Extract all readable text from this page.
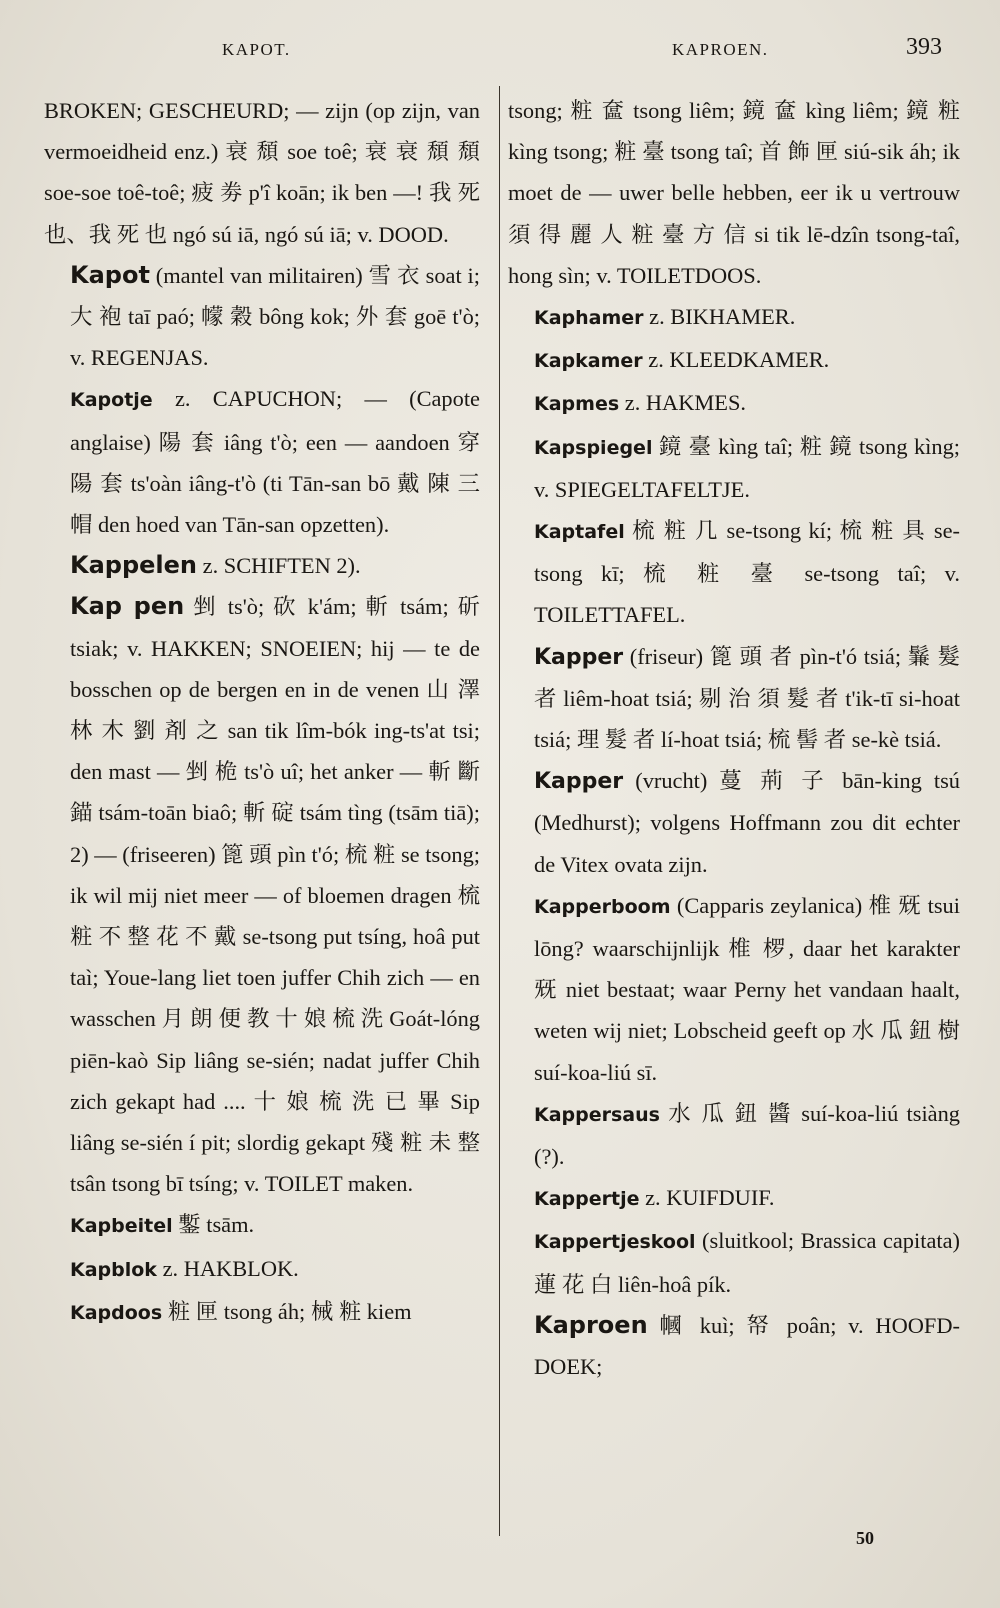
KAPOT.	KAPROEN.	393
BROKEN; GESCHEURD; — zijn (op zijn, van vermoeidheid enz.) 衰 頹 soe toê; 衰 衰 頹 頹 soe-soe toê-toê; 疲 劵 p'î koān; ik ben —! 我 死 也、我 死 也 ngó sú iā, ngó sú iā; v. DOOD.
Kapot (mantel van militairen) 雪 衣 soat i; 大 袍 taī paó; 幪 穀 bông kok; 外 套 goē t'ò; v. REGENJAS.
Kapotje z. CAPUCHON; — (Capote anglaise) 陽 套 iâng t'ò; een — aandoen 穿 陽 套 ts'oàn iâng-t'ò (ti Tān-san bō 戴 陳 三 帽 den hoed van Tān-san opzetten).
Kappelen z. SCHIFTEN 2).
Kap pen 剉 ts'ò; 砍 k'ám; 斬 tsám; 斫 tsiak; v. HAKKEN; SNOEIEN; hij — te de bosschen op de bergen en in de venen 山 澤 林 木 劉 剤 之 san tik lîm-bók ing-ts'at tsi; den mast — 剉 桅 ts'ò uî; het anker — 斬 斷 錨 tsám-toān biaô; 斬 碇 tsám tìng (tsām tiā); 2) — (friseeren) 篦 頭 pìn t'ó; 梳 粧 se tsong; ik wil mij niet meer — of bloemen dragen 梳 粧 不 整 花 不 戴 se-tsong put tsíng, hoâ put taì; Youe-lang liet toen juffer Chih zich — en wasschen 月 朗 便 教 十 娘 梳 洗 Goát-lóng piēn-kaò Sip liâng se-sién; nadat juffer Chih zich gekapt had .... 十 娘 梳 洗 已 畢 Sip liâng se-sién í pit; slordig gekapt 殘 粧 未 整 tsân tsong bī tsíng; v. TOILET maken.
Kapbeitel 鏨 tsām.
Kapblok z. HAKBLOK.
Kapdoos 粧 匣 tsong áh; 械 粧 kiem
tsong; 粧 奩 tsong liêm; 鏡 奩 kìng liêm; 鏡 粧 kìng tsong; 粧 臺 tsong taî; 首 飾 匣 siú-sik áh; ik moet de — uwer belle hebben, eer ik u vertrouw 須 得 麗 人 粧 臺 方 信 si tik lē-dzîn tsong-taî, hong sìn; v. TOILETDOOS.
Kaphamer z. BIKHAMER.
Kapkamer z. KLEEDKAMER.
Kapmes z. HAKMES.
Kapspiegel 鏡 臺 kìng taî; 粧 鏡 tsong kìng; v. SPIEGELTAFELTJE.
Kaptafel 梳 粧 几 se-tsong kí; 梳 粧 具 se-tsong kī; 梳 粧 臺 se-tsong taî; v. TOILETTAFEL.
Kapper (friseur) 篦 頭 者 pìn-t'ó tsiá; 鬑 髮 者 liêm-hoat tsiá; 剔 治 須 髮 者 t'ik-tī si-hoat tsiá; 理 髮 者 lí-hoat tsiá; 梳 髻 者 se-kè tsiá.
Kapper (vrucht) 蔓 荊 子 bān-king tsú (Medhurst); volgens Hoffmann zou dit echter de Vitex ovata zijn.
Kapperboom (Capparis zeylanica) 椎 兓 tsui lōng? waarschijnlijk 椎 椤, daar het karakter 兓 niet bestaat; waar Perny het vandaan haalt, weten wij niet; Lobscheid geeft op 水 瓜 鈕 樹 suí-koa-liú sī.
Kappersaus 水 瓜 鈕 醬 suí-koa-liú tsiàng (?).
Kappertje z. KUIFDUIF.
Kappertjeskool (sluitkool; Brassica capitata) 蓮 花 白 liên-hoâ pík.
Kaproen 幗 kuì; 帑 poân; v. HOOFD-DOEK;
50
